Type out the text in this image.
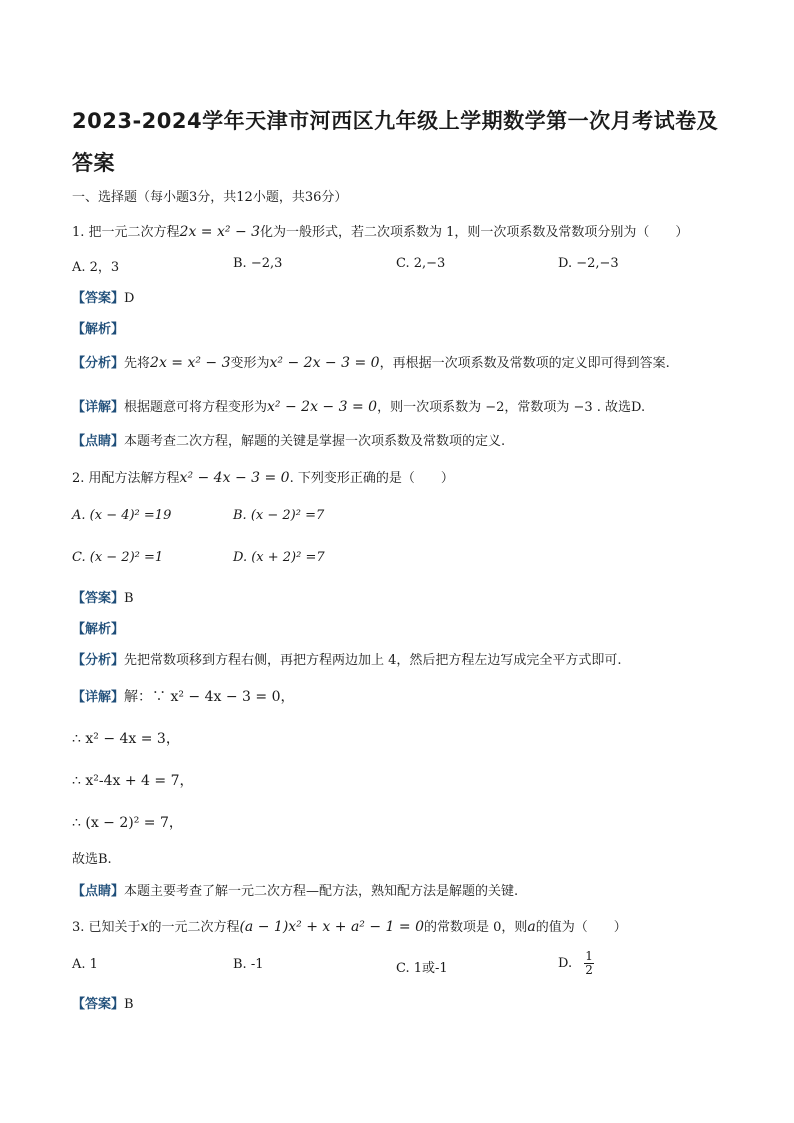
2023-2024学年天津市河西区九年级上学期数学第一次月考试卷及答案
一、选择题（每小题3分，共12小题，共36分）
1. 把一元二次方程2x = x² − 3化为一般形式，若二次项系数为 1，则一次项系数及常数项分别为（　　）
A. 2，3	B. −2,3	C. 2,−3	D. −2,−3
【答案】D
【解析】
【分析】先将2x = x² − 3变形为x² − 2x − 3 = 0，再根据一次项系数及常数项的定义即可得到答案.
【详解】根据题意可将方程变形为x² − 2x − 3 = 0，则一次项系数为 −2，常数项为 −3 . 故选D.
【点睛】本题考查二次方程，解题的关键是掌握一次项系数及常数项的定义.
2. 用配方法解方程x² − 4x − 3 = 0. 下列变形正确的是（　　）
A. (x − 4)² =19	B. (x − 2)² =7
C. (x − 2)² =1	D. (x + 2)² =7
【答案】B
【解析】
【分析】先把常数项移到方程右侧，再把方程两边加上 4，然后把方程左边写成完全平方式即可.
【详解】解：∵ x² − 4x − 3 = 0，
∴ x² − 4x = 3，
∴ x²-4x + 4 = 7，
∴ (x − 2)² = 7，
故选B.
【点睛】本题主要考查了解一元二次方程—配方法，熟知配方法是解题的关键.
3. 已知关于x的一元二次方程(a − 1)x² + x + a² − 1 = 0的常数项是 0，则a的值为（　　）
A. 1	B. -1	C. 1或-1	D. $\frac{1}{2}$
【答案】B
